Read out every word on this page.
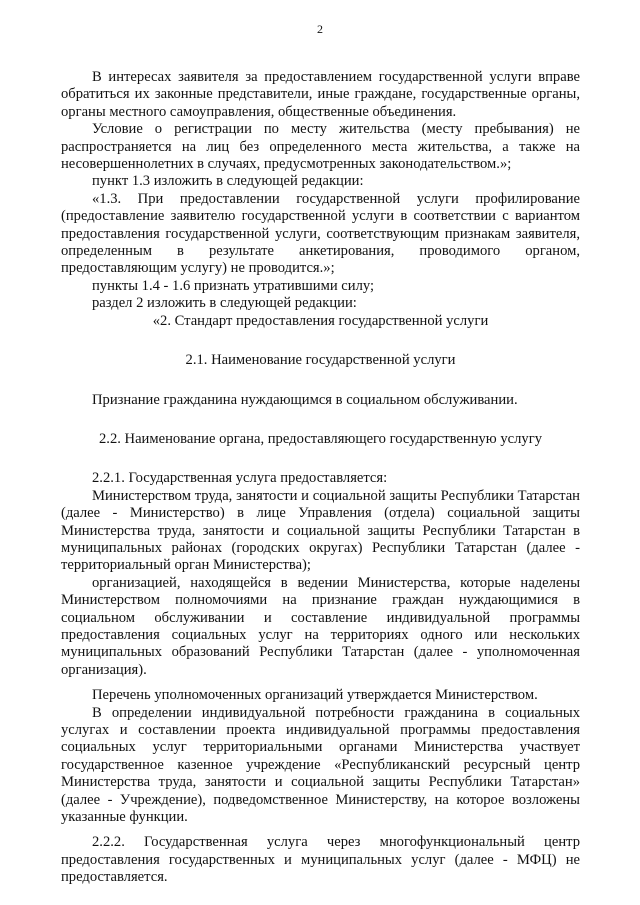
2

В интересах заявителя за предоставлением государственной услуги вправе обратиться их законные представители, иные граждане, государственные органы, органы местного самоуправления, общественные объединения.

Условие о регистрации по месту жительства (месту пребывания) не распространяется на лиц без определенного места жительства, а также на несовершеннолетних в случаях, предусмотренных законодательством.»;

пункт 1.3 изложить в следующей редакции:

«1.3. При предоставлении государственной услуги профилирование (предоставление заявителю государственной услуги в соответствии с вариантом предоставления государственной услуги, соответствующим признакам заявителя, определенным в результате анкетирования, проводимого органом, предоставляющим услугу) не проводится.»;

пункты 1.4 - 1.6 признать утратившими силу;

раздел 2 изложить в следующей редакции:

«2. Стандарт предоставления государственной услуги

2.1. Наименование государственной услуги

Признание гражданина нуждающимся в социальном обслуживании.

2.2. Наименование органа, предоставляющего государственную услугу

2.2.1. Государственная услуга предоставляется:

Министерством труда, занятости и социальной защиты Республики Татарстан (далее - Министерство) в лице Управления (отдела) социальной защиты Министерства труда, занятости и социальной защиты Республики Татарстан в муниципальных районах (городских округах) Республики Татарстан (далее - территориальный орган Министерства);

организацией, находящейся в ведении Министерства, которые наделены Министерством полномочиями на признание граждан нуждающимися в социальном обслуживании и составление индивидуальной программы предоставления социальных услуг на территориях одного или нескольких муниципальных образований Республики Татарстан (далее - уполномоченная организация).

Перечень уполномоченных организаций утверждается Министерством.

В определении индивидуальной потребности гражданина в социальных услугах и составлении проекта индивидуальной программы предоставления социальных услуг территориальными органами Министерства участвует государственное казенное учреждение «Республиканский ресурсный центр Министерства труда, занятости и социальной защиты Республики Татарстан» (далее - Учреждение), подведомственное Министерству, на которое возложены указанные функции.

2.2.2. Государственная услуга через многофункциональный центр предоставления государственных и муниципальных услуг (далее - МФЦ) не предоставляется.
